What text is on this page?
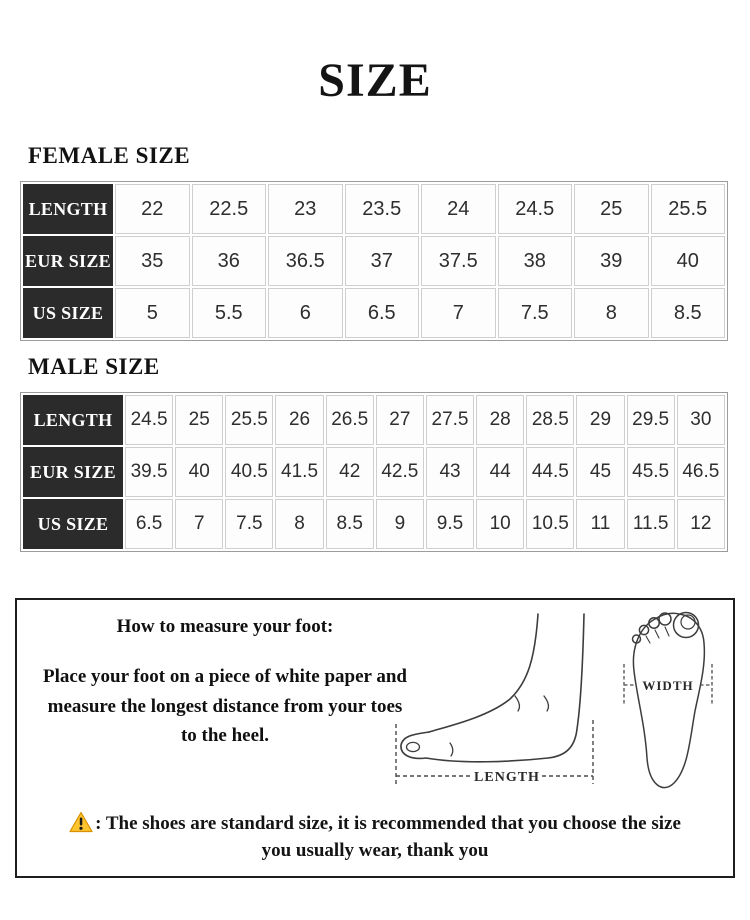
SIZE
FEMALE SIZE
LENGTH	22	22.5	23	23.5	24	24.5	25	25.5
EUR SIZE	35	36	36.5	37	37.5	38	39	40
US SIZE	5	5.5	6	6.5	7	7.5	8	8.5
MALE SIZE
LENGTH	24.5	25	25.5	26	26.5	27	27.5	28	28.5	29	29.5	30
EUR SIZE	39.5	40	40.5	41.5	42	42.5	43	44	44.5	45	45.5	46.5
US SIZE	6.5	7	7.5	8	8.5	9	9.5	10	10.5	11	11.5	12

How to measure your foot:

Place your foot on a piece of white paper and measure the longest distance from your toes to the heel.

LENGTH
WIDTH

: The shoes are standard size, it is recommended that you choose the size you usually wear, thank you
